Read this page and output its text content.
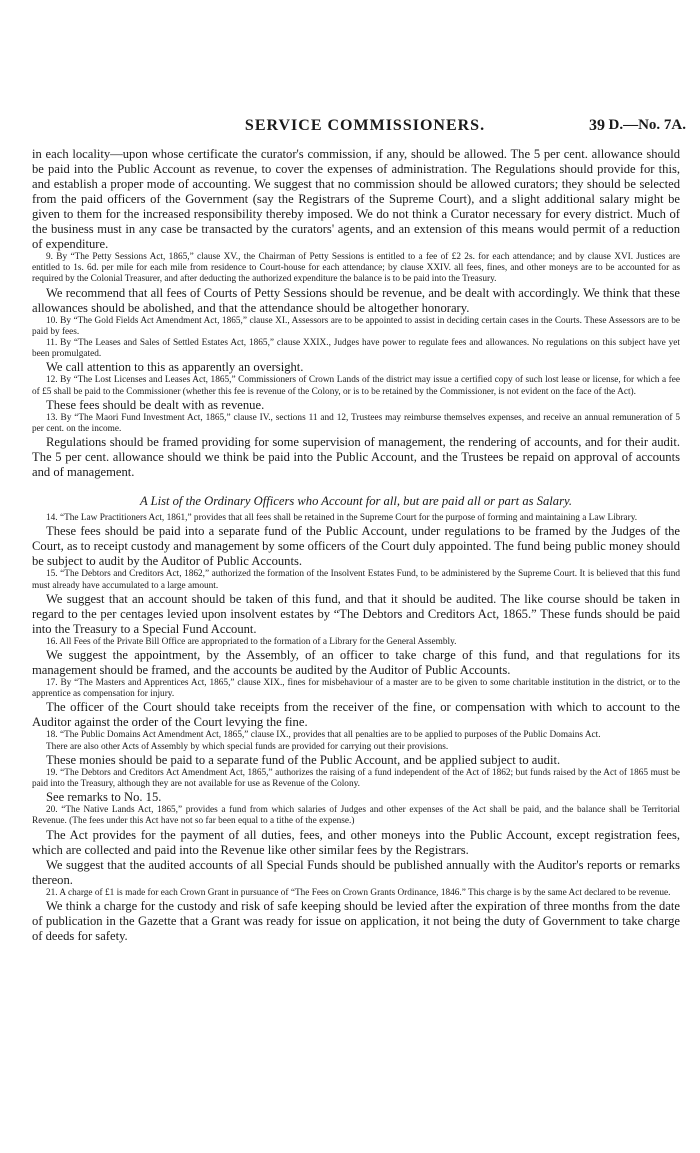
SERVICE COMMISSIONERS.	39 D.—No. 7A.

in each locality—upon whose certificate the curator's commission, if any, should be allowed. The 5 per cent. allowance should be paid into the Public Account as revenue, to cover the expenses of administration. The Regulations should provide for this, and establish a proper mode of accounting. We suggest that no commission should be allowed curators; they should be selected from the paid officers of the Government (say the Registrars of the Supreme Court), and a slight additional salary might be given to them for the increased responsibility thereby imposed. We do not think a Curator necessary for every district. Much of the business must in any case be transacted by the curators' agents, and an extension of this means would permit of a reduction of expenditure.

9. By “The Petty Sessions Act, 1865,” clause XV., the Chairman of Petty Sessions is entitled to a fee of £2 2s. for each attendance; and by clause XVI. Justices are entitled to 1s. 6d. per mile for each mile from residence to Court-house for each attendance; by clause XXIV. all fees, fines, and other moneys are to be accounted for as required by the Colonial Treasurer, and after deducting the authorized expenditure the balance is to be paid into the Treasury.

We recommend that all fees of Courts of Petty Sessions should be revenue, and be dealt with accordingly. We think that these allowances should be abolished, and that the attendance should be altogether honorary.

10. By “The Gold Fields Act Amendment Act, 1865,” clause XI., Assessors are to be appointed to assist in deciding certain cases in the Courts. These Assessors are to be paid by fees.

11. By “The Leases and Sales of Settled Estates Act, 1865,” clause XXIX., Judges have power to regulate fees and allowances. No regulations on this subject have yet been promulgated.

We call attention to this as apparently an oversight.

12. By “The Lost Licenses and Leases Act, 1865,” Commissioners of Crown Lands of the district may issue a certified copy of such lost lease or license, for which a fee of £5 shall be paid to the Commissioner (whether this fee is revenue of the Colony, or is to be retained by the Commissioner, is not evident on the face of the Act).

These fees should be dealt with as revenue.

13. By “The Maori Fund Investment Act, 1865,” clause IV., sections 11 and 12, Trustees may reimburse themselves expenses, and receive an annual remuneration of 5 per cent. on the income.

Regulations should be framed providing for some supervision of management, the rendering of accounts, and for their audit. The 5 per cent. allowance should we think be paid into the Public Account, and the Trustees be repaid on approval of accounts and of management.

A List of the Ordinary Officers who Account for all, but are paid all or part as Salary.

14. “The Law Practitioners Act, 1861,” provides that all fees shall be retained in the Supreme Court for the purpose of forming and maintaining a Law Library.

These fees should be paid into a separate fund of the Public Account, under regulations to be framed by the Judges of the Court, as to receipt custody and management by some officers of the Court duly appointed. The fund being public money should be subject to audit by the Auditor of Public Accounts.

15. “The Debtors and Creditors Act, 1862,” authorized the formation of the Insolvent Estates Fund, to be administered by the Supreme Court. It is believed that this fund must already have accumulated to a large amount.

We suggest that an account should be taken of this fund, and that it should be audited. The like course should be taken in regard to the per centages levied upon insolvent estates by “The Debtors and Creditors Act, 1865.” These funds should be paid into the Treasury to a Special Fund Account.

16. All Fees of the Private Bill Office are appropriated to the formation of a Library for the General Assembly.

We suggest the appointment, by the Assembly, of an officer to take charge of this fund, and that regulations for its management should be framed, and the accounts be audited by the Auditor of Public Accounts.

17. By “The Masters and Apprentices Act, 1865,” clause XIX., fines for misbehaviour of a master are to be given to some charitable institution in the district, or to the apprentice as compensation for injury.

The officer of the Court should take receipts from the receiver of the fine, or compensation with which to account to the Auditor against the order of the Court levying the fine.

18. “The Public Domains Act Amendment Act, 1865,” clause IX., provides that all penalties are to be applied to purposes of the Public Domains Act.

There are also other Acts of Assembly by which special funds are provided for carrying out their provisions.

These monies should be paid to a separate fund of the Public Account, and be applied subject to audit.

19. “The Debtors and Creditors Act Amendment Act, 1865,” authorizes the raising of a fund independent of the Act of 1862; but funds raised by the Act of 1865 must be paid into the Treasury, although they are not available for use as Revenue of the Colony.

See remarks to No. 15.

20. “The Native Lands Act, 1865,” provides a fund from which salaries of Judges and other expenses of the Act shall be paid, and the balance shall be Territorial Revenue. (The fees under this Act have not so far been equal to a tithe of the expense.)

The Act provides for the payment of all duties, fees, and other moneys into the Public Account, except registration fees, which are collected and paid into the Revenue like other similar fees by the Registrars.

We suggest that the audited accounts of all Special Funds should be published annually with the Auditor's reports or remarks thereon.

21. A charge of £1 is made for each Crown Grant in pursuance of “The Fees on Crown Grants Ordinance, 1846.” This charge is by the same Act declared to be revenue.

We think a charge for the custody and risk of safe keeping should be levied after the expiration of three months from the date of publication in the Gazette that a Grant was ready for issue on application, it not being the duty of Government to take charge of deeds for safety.
